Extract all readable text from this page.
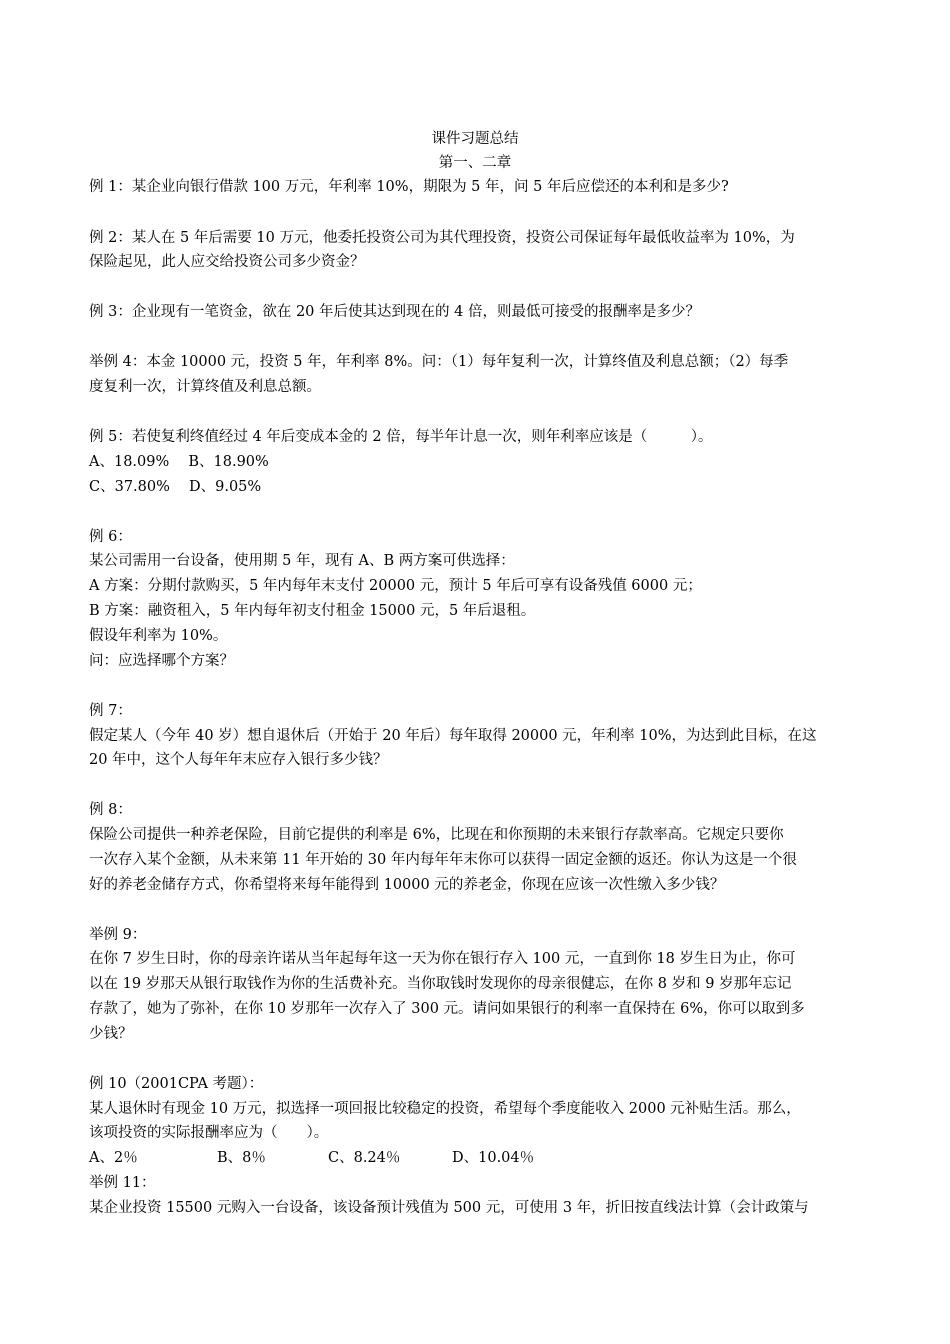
课件习题总结
第一、二章
例 1：某企业向银行借款 100 万元，年利率 10%，期限为 5 年，问 5 年后应偿还的本利和是多少?
例 2：某人在 5 年后需要 10 万元，他委托投资公司为其代理投资，投资公司保证每年最低收益率为 10%，为
保险起见，此人应交给投资公司多少资金？
例 3：企业现有一笔资金，欲在 20 年后使其达到现在的 4 倍，则最低可接受的报酬率是多少？
举例 4：本金 10000 元，投资 5 年，年利率 8%。问：（1）每年复利一次，计算终值及利息总额；（2）每季
度复利一次，计算终值及利息总额。
例 5：若使复利终值经过 4 年后变成本金的 2 倍，每半年计息一次，则年利率应该是（　　　）。
A、18.09%　 B、18.90%
C、37.80%　 D、9.05%
例 6：
某公司需用一台设备，使用期 5 年，现有 A、B 两方案可供选择：
A 方案：分期付款购买，5 年内每年末支付 20000 元，预计 5 年后可享有设备残值 6000 元；
B 方案：融资租入，5 年内每年初支付租金 15000 元，5 年后退租。
假设年利率为 10%。
问：应选择哪个方案？
例 7：
假定某人（今年 40 岁）想自退休后（开始于 20 年后）每年取得 20000 元，年利率 10%，为达到此目标，在这
20 年中，这个人每年年末应存入银行多少钱？
例 8：
保险公司提供一种养老保险，目前它提供的利率是 6%，比现在和你预期的未来银行存款率高。它规定只要你
一次存入某个金额，从未来第 11 年开始的 30 年内每年年末你可以获得一固定金额的返还。你认为这是一个很
好的养老金储存方式，你希望将来每年能得到 10000 元的养老金，你现在应该一次性缴入多少钱？
举例 9：
在你 7 岁生日时，你的母亲许诺从当年起每年这一天为你在银行存入 100 元，一直到你 18 岁生日为止，你可
以在 19 岁那天从银行取钱作为你的生活费补充。当你取钱时发现你的母亲很健忘，在你 8 岁和 9 岁那年忘记
存款了，她为了弥补，在你 10 岁那年一次存入了 300 元。请问如果银行的利率一直保持在 6%，你可以取到多
少钱？
例 10（2001CPA 考题）：
某人退休时有现金 10 万元，拟选择一项回报比较稳定的投资，希望每个季度能收入 2000 元补贴生活。那么，
该项投资的实际报酬率应为（　　）。
A、2％	B、8％	C、8.24％	D、10.04％
举例 11：
某企业投资 15500 元购入一台设备，该设备预计残值为 500 元，可使用 3 年，折旧按直线法计算（会计政策与
